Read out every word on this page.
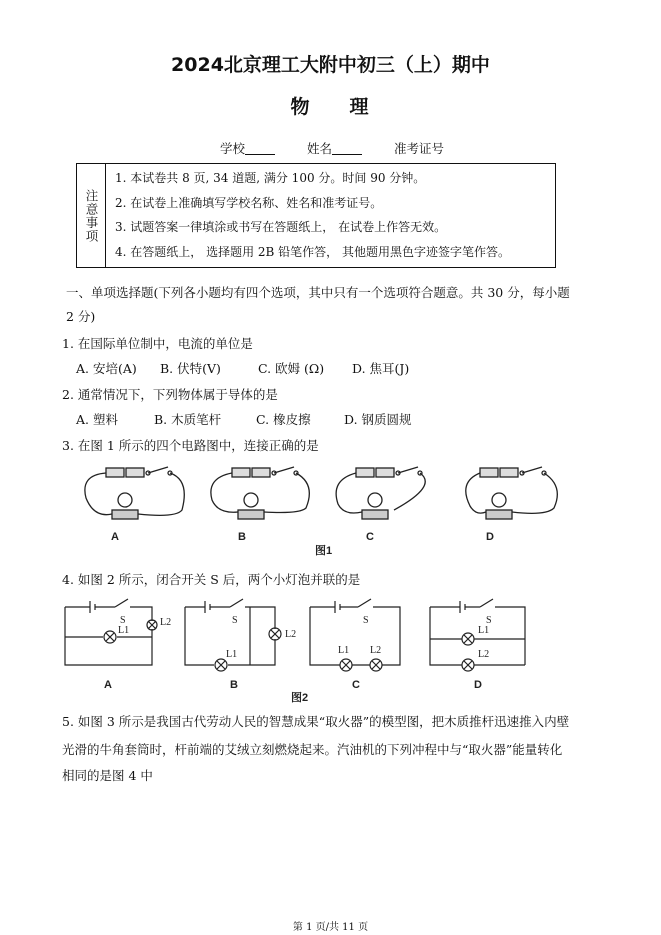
2024北京理工大附中初三（上）期中
物 理
学校	姓名	准考证号
注意事项
1. 本试卷共 8 页, 34 道题, 满分 100 分。时间 90 分钟。
2. 在试卷上准确填写学校名称、姓名和准考证号。
3. 试题答案一律填涂或书写在答题纸上， 在试卷上作答无效。
4. 在答题纸上， 选择题用 2B 铅笔作答， 其他题用黑色字迹签字笔作答。
一、单项选择题(下列各小题均有四个选项，其中只有一个选项符合题意。共 30 分，每小题
2 分)
1. 在国际单位制中，电流的单位是
A. 安培(A) B. 伏特(V)	C. 欧姆 (Ω) D. 焦耳(J)
2. 通常情况下，下列物体属于导体的是
A. 塑料	B. 木质笔杆	C. 橡皮擦	D. 钢质圆规
3. 在图 1 所示的四个电路图中，连接正确的是
A	B	C	D
图1
4. 如图 2 所示，闭合开关 S 后，两个小灯泡并联的是
S
L1
L2	S
L2
L1
S
L1 L2
S
L1
L2
A	B	C	D
图2
5. 如图 3 所示是我国古代劳动人民的智慧成果“取火器”的模型图，把木质推杆迅速推入内壁
光滑的牛角套筒时，杆前端的艾绒立刻燃烧起来。汽油机的下列冲程中与“取火器”能量转化
相同的是图 4 中
第 1 页/共 11 页
